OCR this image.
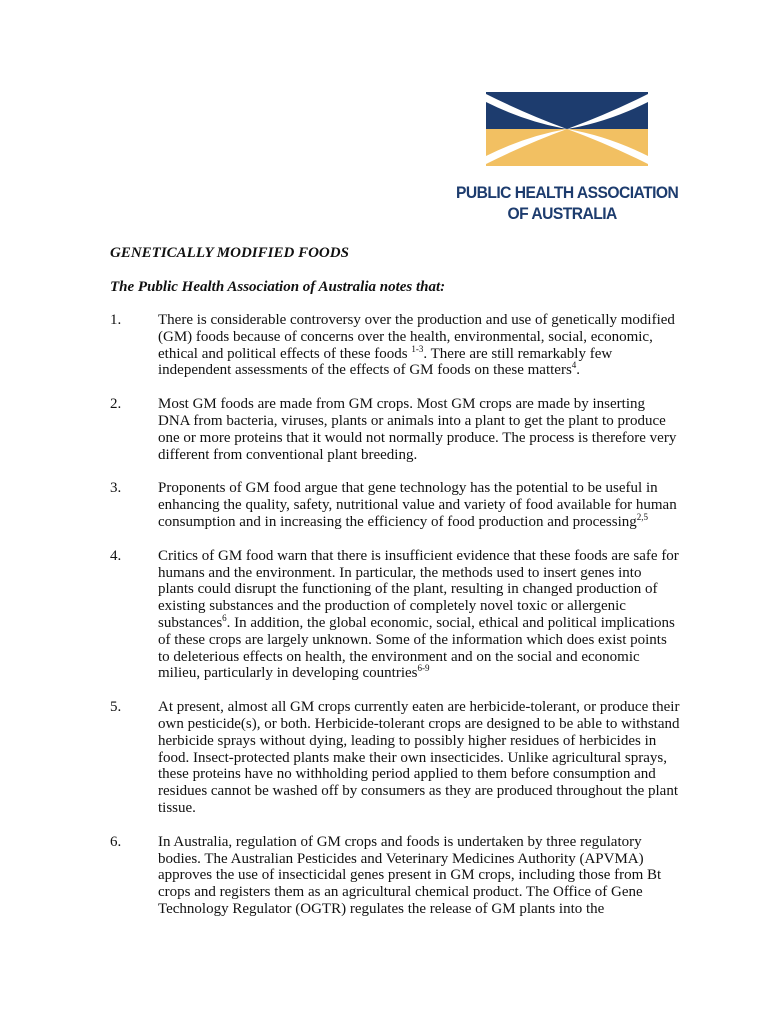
PUBLIC HEALTH ASSOCIATION
OF AUSTRALIA
GENETICALLY MODIFIED FOODS
The Public Health Association of Australia notes that:
1. There is considerable controversy over the production and use of genetically modified (GM) foods because of concerns over the health, environmental, social, economic, ethical and political effects of these foods $^{1-3}$. There are still remarkably few independent assessments of the effects of GM foods on these matters$^4$.
2. Most GM foods are made from GM crops. Most GM crops are made by inserting DNA from bacteria, viruses, plants or animals into a plant to get the plant to produce one or more proteins that it would not normally produce. The process is therefore very different from conventional plant breeding.
3. Proponents of GM food argue that gene technology has the potential to be useful in enhancing the quality, safety, nutritional value and variety of food available for human consumption and in increasing the efficiency of food production and processing$^{2,5}$
4. Critics of GM food warn that there is insufficient evidence that these foods are safe for humans and the environment. In particular, the methods used to insert genes into plants could disrupt the functioning of the plant, resulting in changed production of existing substances and the production of completely novel toxic or allergenic substances$^6$. In addition, the global economic, social, ethical and political implications of these crops are largely unknown. Some of the information which does exist points to deleterious effects on health, the environment and on the social and economic milieu, particularly in developing countries$^{6-9}$
5. At present, almost all GM crops currently eaten are herbicide-tolerant, or produce their own pesticide(s), or both. Herbicide-tolerant crops are designed to be able to withstand herbicide sprays without dying, leading to possibly higher residues of herbicides in food. Insect-protected plants make their own insecticides. Unlike agricultural sprays, these proteins have no withholding period applied to them before consumption and residues cannot be washed off by consumers as they are produced throughout the plant tissue.
6. In Australia, regulation of GM crops and foods is undertaken by three regulatory bodies. The Australian Pesticides and Veterinary Medicines Authority (APVMA) approves the use of insecticidal genes present in GM crops, including those from Bt crops and registers them as an agricultural chemical product. The Office of Gene Technology Regulator (OGTR) regulates the release of GM plants into the
